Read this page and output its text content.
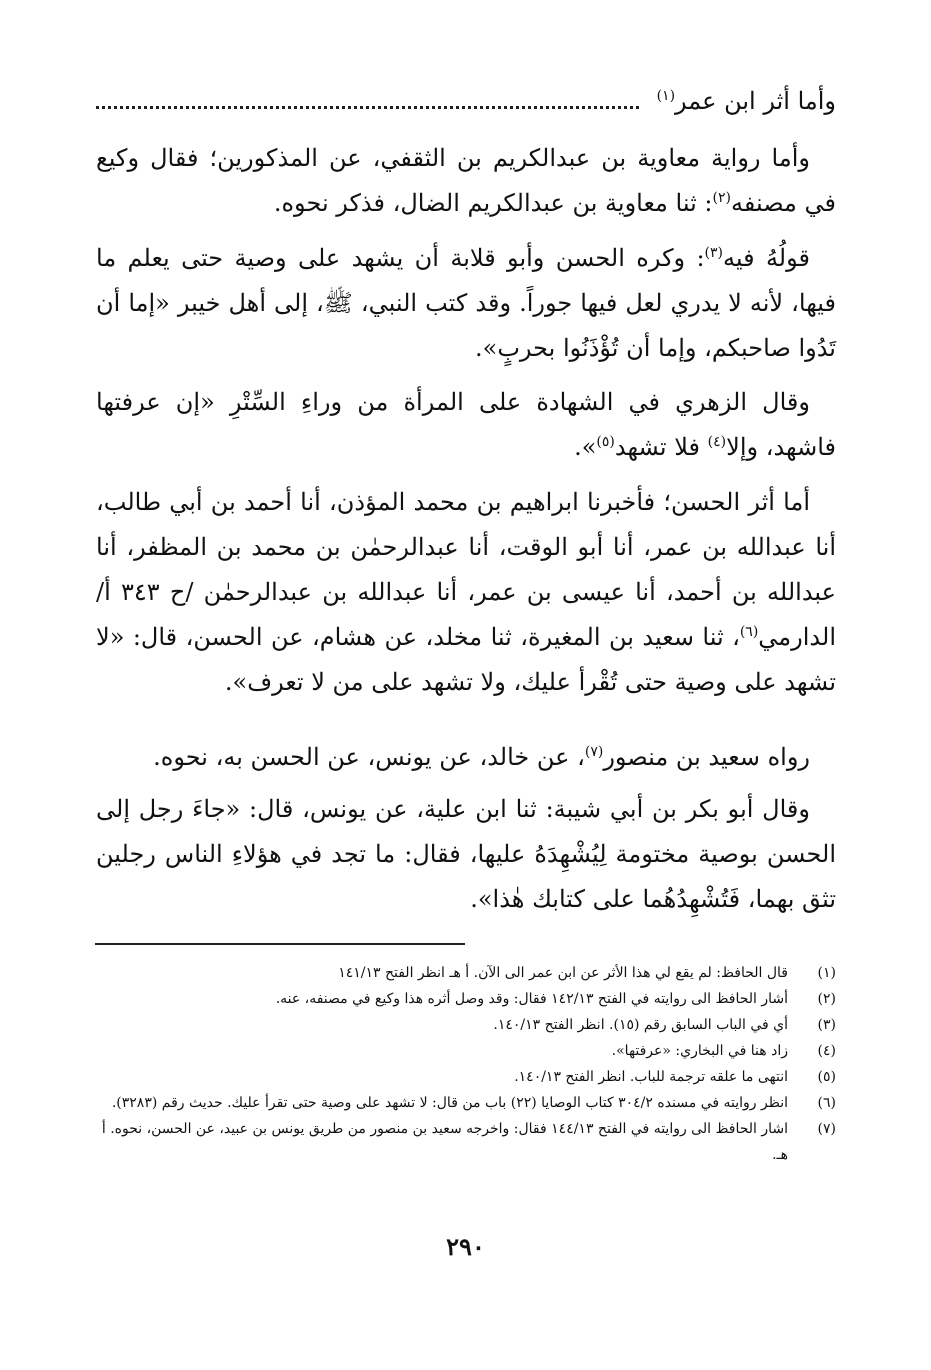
وأما أثر ابن عمر$^{(١)}$

وأما رواية معاوية بن عبدالكريم بن الثقفي، عن المذكورين؛ فقال وكيع في مصنفه$^{(٢)}$: ثنا معاوية بن عبدالكريم الضال، فذكر نحوه.

قولُهُ فيه$^{(٣)}$: وكره الحسن وأبو قلابة أن يشهد على وصية حتى يعلم ما فيها، لأنه لا يدري لعل فيها جوراً. وقد كتب النبي، ﷺ، إلى أهل خيبر «إما أن تَدُوا صاحبكم، وإما أن تُؤْذَنُوا بحربٍ».

وقال الزهري في الشهادة على المرأة من وراءِ السِّتْرِ «إن عرفتها فاشهد، وإلا$^{(٤)}$ فلا تشهد$^{(٥)}$».

أما أثر الحسن؛ فأخبرنا ابراهيم بن محمد المؤذن، أنا أحمد بن أبي طالب، أنا عبدالله بن عمر، أنا أبو الوقت، أنا عبدالرحمٰن بن محمد بن المظفر، أنا عبدالله بن أحمد، أنا عيسى بن عمر، أنا عبدالله بن عبدالرحمٰن /ح ٣٤٣ أ/ الدارمي$^{(٦)}$، ثنا سعيد بن المغيرة، ثنا مخلد، عن هشام، عن الحسن، قال: «لا تشهد على وصية حتى تُقْرأ عليك، ولا تشهد على من لا تعرف».

رواه سعيد بن منصور$^{(٧)}$، عن خالد، عن يونس، عن الحسن به، نحوه.

وقال أبو بكر بن أبي شيبة: ثنا ابن علية، عن يونس، قال: «جاءَ رجل إلى الحسن بوصية مختومة لِيُشْهِدَهُ عليها، فقال: ما تجد في هؤلاءِ الناس رجلين تثق بهما، فَتُشْهِدُهُما على كتابك هٰذا».

(١)
قال الحافظ: لم يقع لي هذا الأثر عن ابن عمر الى الآن. أ هـ انظر الفتح ١٤١/١٣

(٢)
أشار الحافظ الى روايته في الفتح ١٤٢/١٣ فقال: وقد وصل أثره هذا وكيع في مصنفه، عنه.

(٣)
أي في الباب السابق رقم (١٥). انظر الفتح ١٤٠/١٣.

(٤)
زاد هنا في البخاري: «عرفتها».

(٥)
انتهى ما علقه ترجمة للباب. انظر الفتح ١٤٠/١٣.

(٦)
انظر روايته في مسنده ٣٠٤/٢ كتاب الوصايا (٢٢) باب من قال: لا تشهد على وصية حتى تقرأ عليك. حديث رقم (٣٢٨٣).

(٧)
اشار الحافظ الى روايته في الفتح ١٤٤/١٣ فقال: واخرجه سعيد بن منصور من طريق يونس بن عبيد، عن الحسن، نحوه. أ هـ.

٢٩٠
